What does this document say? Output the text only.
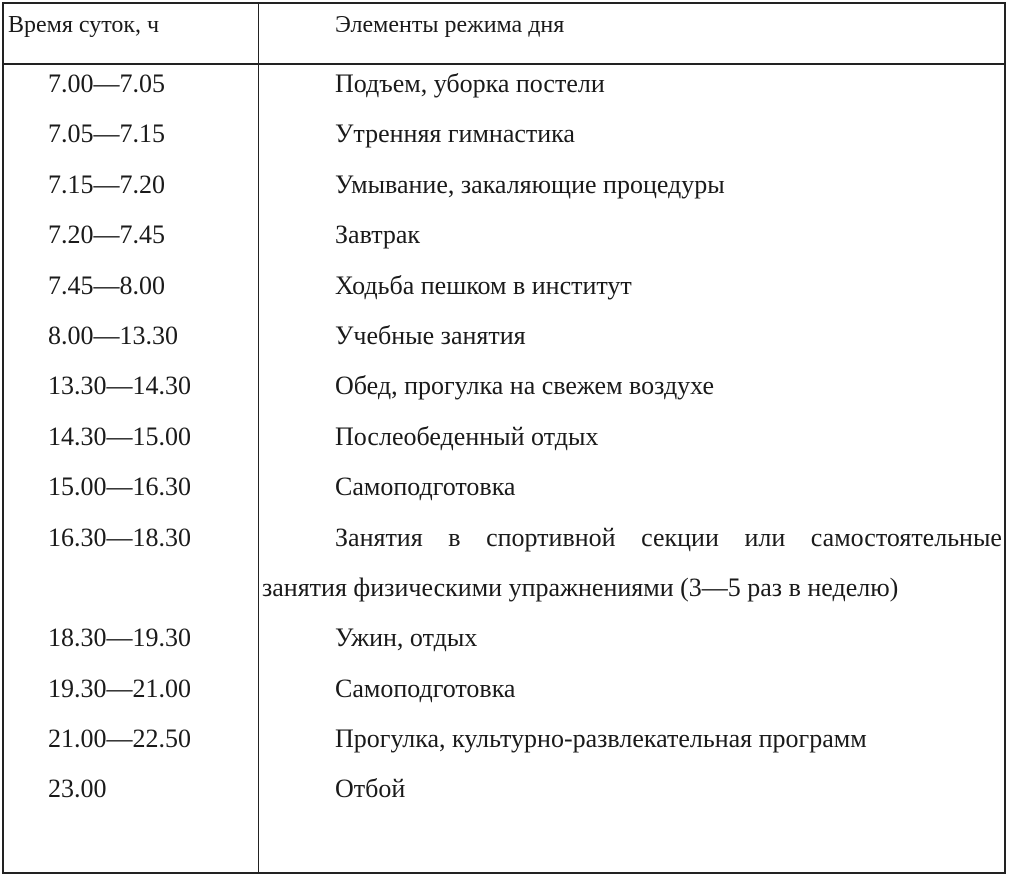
Время суток, ч	Элементы режима дня
7.00—7.05	Подъем, уборка постели
7.05—7.15	Утренняя гимнастика
7.15—7.20	Умывание, закаляющие процедуры
7.20—7.45	Завтрак
7.45—8.00	Ходьба пешком в институт
8.00—13.30	Учебные занятия
13.30—14.30	Обед, прогулка на свежем воздухе
14.30—15.00	Послеобеденный отдых
15.00—16.30	Самоподготовка
16.30—18.30	Занятия в спортивной секции или самостоятельные
занятия физическими упражнениями (3—5 раз в неделю)
18.30—19.30	Ужин, отдых
19.30—21.00	Самоподготовка
21.00—22.50	Прогулка, культурно-развлекательная программ
23.00	Отбой
